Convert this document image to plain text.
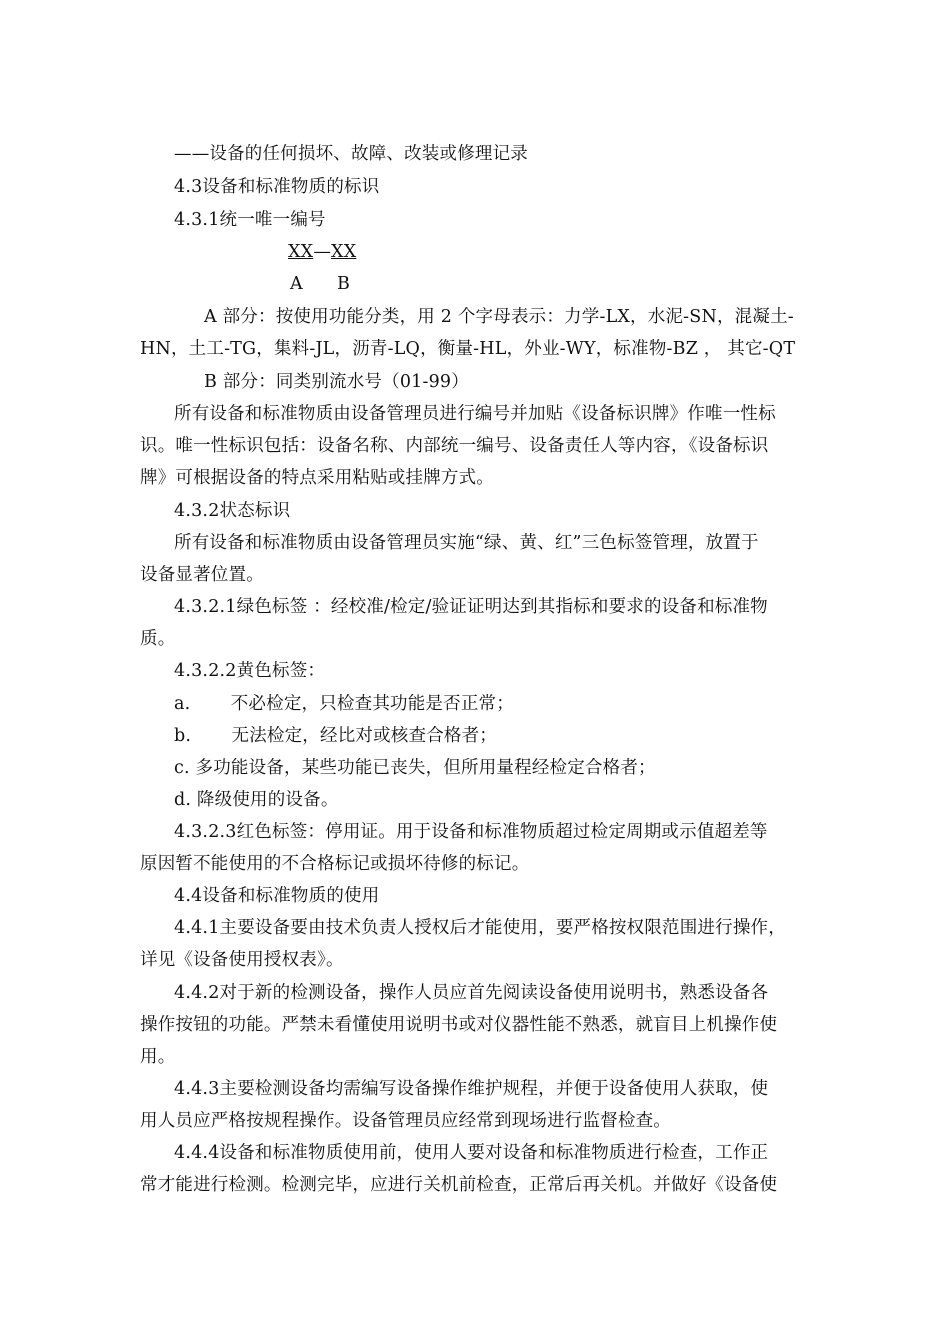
——设备的任何损坏、故障、改装或修理记录
4.3设备和标准物质的标识
4.3.1统一唯一编号
XX—XX
A B
A 部分：按使用功能分类，用 2 个字母表示：力学-LX，水泥-SN，混凝土-
HN，土工-TG，集料-JL，沥青-LQ，衡量-HL，外业-WY，标准物-BZ ， 其它-QT
B 部分：同类别流水号（01-99）
所有设备和标准物质由设备管理员进行编号并加贴《设备标识牌》作唯一性标
识。唯一性标识包括：设备名称、内部统一编号、设备责任人等内容，《设备标识
牌》可根据设备的特点采用粘贴或挂牌方式。
4.3.2状态标识
所有设备和标准物质由设备管理员实施“绿、黄、红”三色标签管理，放置于
设备显著位置。
4.3.2.1绿色标签 ：经校准/检定/验证证明达到其指标和要求的设备和标准物
质。
4.3.2.2黄色标签：
a.       不必检定，只检查其功能是否正常；
b.       无法检定，经比对或核查合格者；
c. 多功能设备，某些功能已丧失，但所用量程经检定合格者；
d. 降级使用的设备。
4.3.2.3红色标签：停用证。用于设备和标准物质超过检定周期或示值超差等
原因暂不能使用的不合格标记或损坏待修的标记。
4.4设备和标准物质的使用
4.4.1主要设备要由技术负责人授权后才能使用，要严格按权限范围进行操作，
详见《设备使用授权表》。
4.4.2对于新的检测设备，操作人员应首先阅读设备使用说明书，熟悉设备各
操作按钮的功能。严禁未看懂使用说明书或对仪器性能不熟悉，就盲目上机操作使
用。
4.4.3主要检测设备均需编写设备操作维护规程，并便于设备使用人获取，使
用人员应严格按规程操作。设备管理员应经常到现场进行监督检查。
4.4.4设备和标准物质使用前，使用人要对设备和标准物质进行检查，工作正
常才能进行检测。检测完毕，应进行关机前检查，正常后再关机。并做好《设备使
